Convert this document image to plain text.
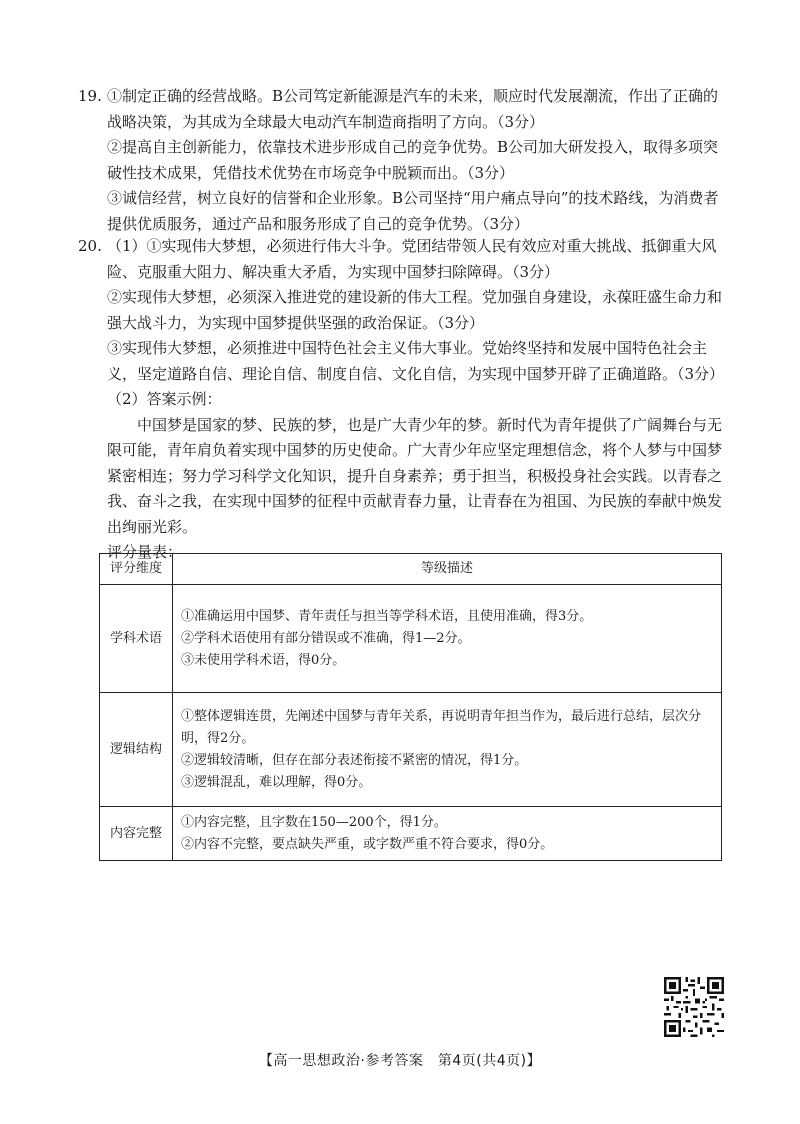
19. ①制定正确的经营战略。B公司笃定新能源是汽车的未来，顺应时代发展潮流，作出了正确的战略决策，为其成为全球最大电动汽车制造商指明了方向。（3分）
②提高自主创新能力，依靠技术进步形成自己的竞争优势。B公司加大研发投入，取得多项突破性技术成果，凭借技术优势在市场竞争中脱颖而出。（3分）
③诚信经营，树立良好的信誉和企业形象。B公司坚持“用户痛点导向”的技术路线，为消费者提供优质服务，通过产品和服务形成了自己的竞争优势。（3分）
20. （1）①实现伟大梦想，必须进行伟大斗争。党团结带领人民有效应对重大挑战、抵御重大风险、克服重大阻力、解决重大矛盾，为实现中国梦扫除障碍。（3分）
②实现伟大梦想，必须深入推进党的建设新的伟大工程。党加强自身建设，永葆旺盛生命力和强大战斗力，为实现中国梦提供坚强的政治保证。（3分）
③实现伟大梦想，必须推进中国特色社会主义伟大事业。党始终坚持和发展中国特色社会主义，坚定道路自信、理论自信、制度自信、文化自信，为实现中国梦开辟了正确道路。（3分）
（2）答案示例：
中国梦是国家的梦、民族的梦，也是广大青少年的梦。新时代为青年提供了广阔舞台与无限可能，青年肩负着实现中国梦的历史使命。广大青少年应坚定理想信念，将个人梦与中国梦紧密相连；努力学习科学文化知识，提升自身素养；勇于担当，积极投身社会实践。以青春之我、奋斗之我，在实现中国梦的征程中贡献青春力量，让青春在为祖国、为民族的奉献中焕发出绚丽光彩。
评分量表：
评分维度	等级描述
学科术语	①准确运用中国梦、青年责任与担当等学科术语，且使用准确，得3分。
②学科术语使用有部分错误或不准确，得1—2分。
③未使用学科术语，得0分。

逻辑结构	①整体逻辑连贯，先阐述中国梦与青年关系，再说明青年担当作为，最后进行总结，层次分明，得2分。
②逻辑较清晰，但存在部分表述衔接不紧密的情况，得1分。
③逻辑混乱，难以理解，得0分。

内容完整	①内容完整，且字数在150—200个，得1分。
②内容不完整，要点缺失严重，或字数严重不符合要求，得0分。
【高一思想政治·参考答案　第4页(共4页)】
